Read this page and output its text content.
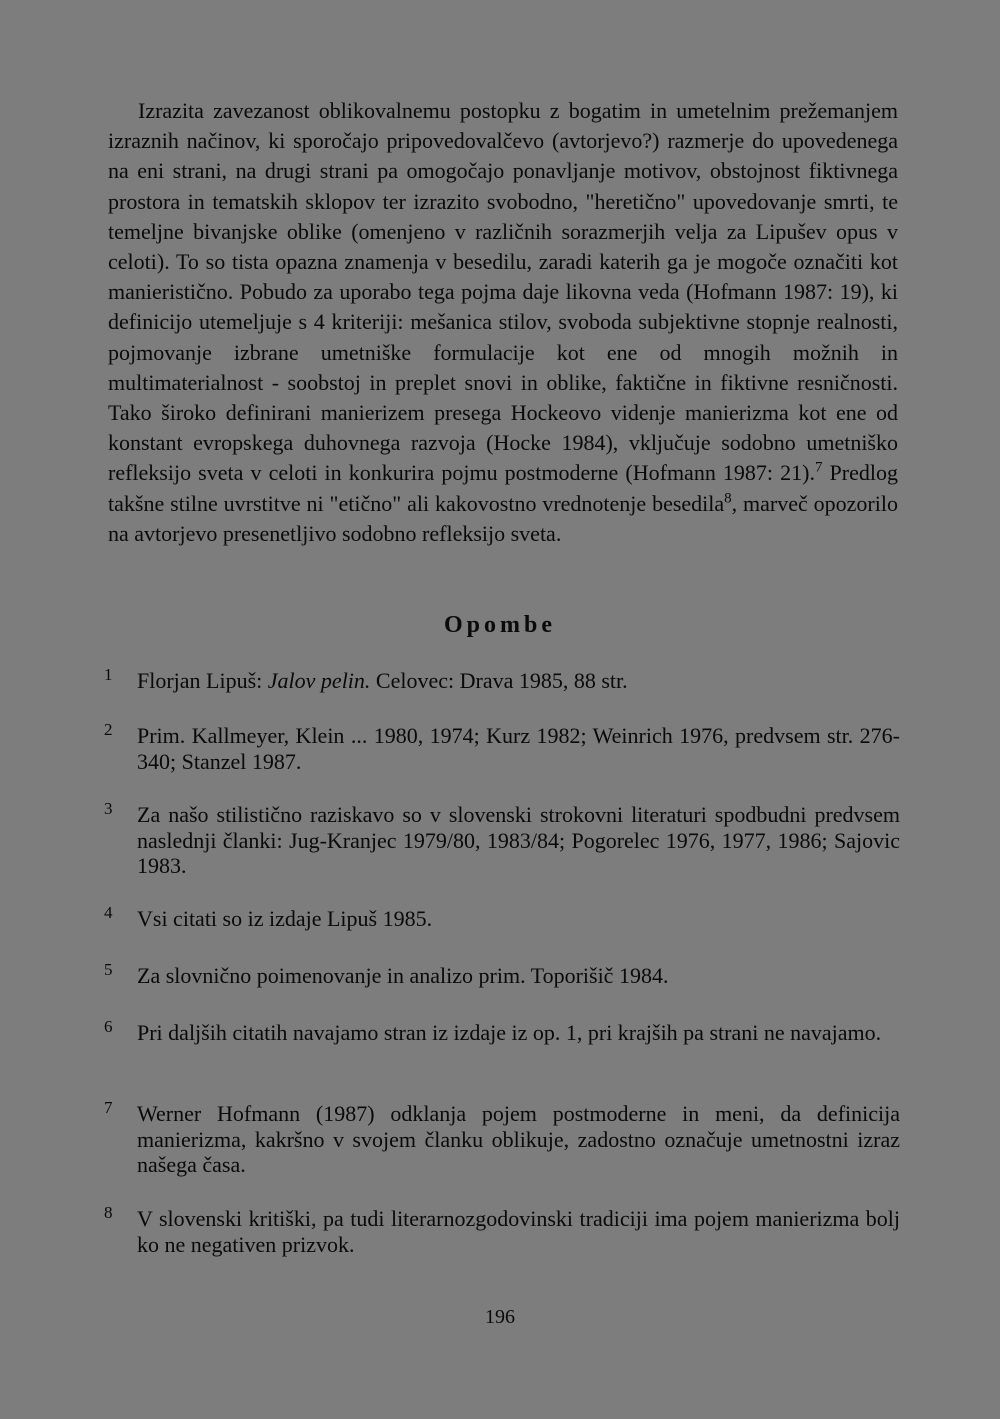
Izrazita zavezanost oblikovalnemu postopku z bogatim in umetelnim prežemanjem izraznih načinov, ki sporočajo pripovedovalčevo (avtorjevo?) razmerje do upovedenega na eni strani, na drugi strani pa omogočajo ponavljanje motivov, obstojnost fiktivnega prostora in tematskih sklopov ter izrazito svobodno, "heretično" upovedovanje smrti, te temeljne bivanjske oblike (omenjeno v različnih sorazmerjih velja za Lipušev opus v celoti). To so tista opazna znamenja v besedilu, zaradi katerih ga je mogoče označiti kot manieristično. Pobudo za uporabo tega pojma daje likovna veda (Hofmann 1987: 19), ki definicijo utemeljuje s 4 kriteriji: mešanica stilov, svoboda subjektivne stopnje realnosti, pojmovanje izbrane umetniške formulacije kot ene od mnogih možnih in multimaterialnost - soobstoj in preplet snovi in oblike, faktične in fiktivne resničnosti. Tako široko definirani manierizem presega Hockeovo videnje manierizma kot ene od konstant evropskega duhovnega razvoja (Hocke 1984), vključuje sodobno umetniško refleksijo sveta v celoti in konkurira pojmu postmoderne (Hofmann 1987: 21).$^7$ Predlog takšne stilne uvrstitve ni "etično" ali kakovostno vrednotenje besedila$^8$, marveč opozorilo na avtorjevo presenetljivo sodobno refleksijo sveta.

Opombe

1 Florjan Lipuš: Jalov pelin. Celovec: Drava 1985, 88 str.

2 Prim. Kallmeyer, Klein ... 1980, 1974; Kurz 1982; Weinrich 1976, predvsem str. 276-340; Stanzel 1987.

3 Za našo stilistično raziskavo so v slovenski strokovni literaturi spodbudni predvsem naslednji članki: Jug-Kranjec 1979/80, 1983/84; Pogorelec 1976, 1977, 1986; Sajovic 1983.

4 Vsi citati so iz izdaje Lipuš 1985.

5 Za slovnično poimenovanje in analizo prim. Toporišič 1984.

6 Pri daljših citatih navajamo stran iz izdaje iz op. 1, pri krajših pa strani ne navajamo.

7 Werner Hofmann (1987) odklanja pojem postmoderne in meni, da definicija manierizma, kakršno v svojem članku oblikuje, zadostno označuje umetnostni izraz našega časa.

8 V slovenski kritiški, pa tudi literarnozgodovinski tradiciji ima pojem manierizma bolj ko ne negativen prizvok.

196
